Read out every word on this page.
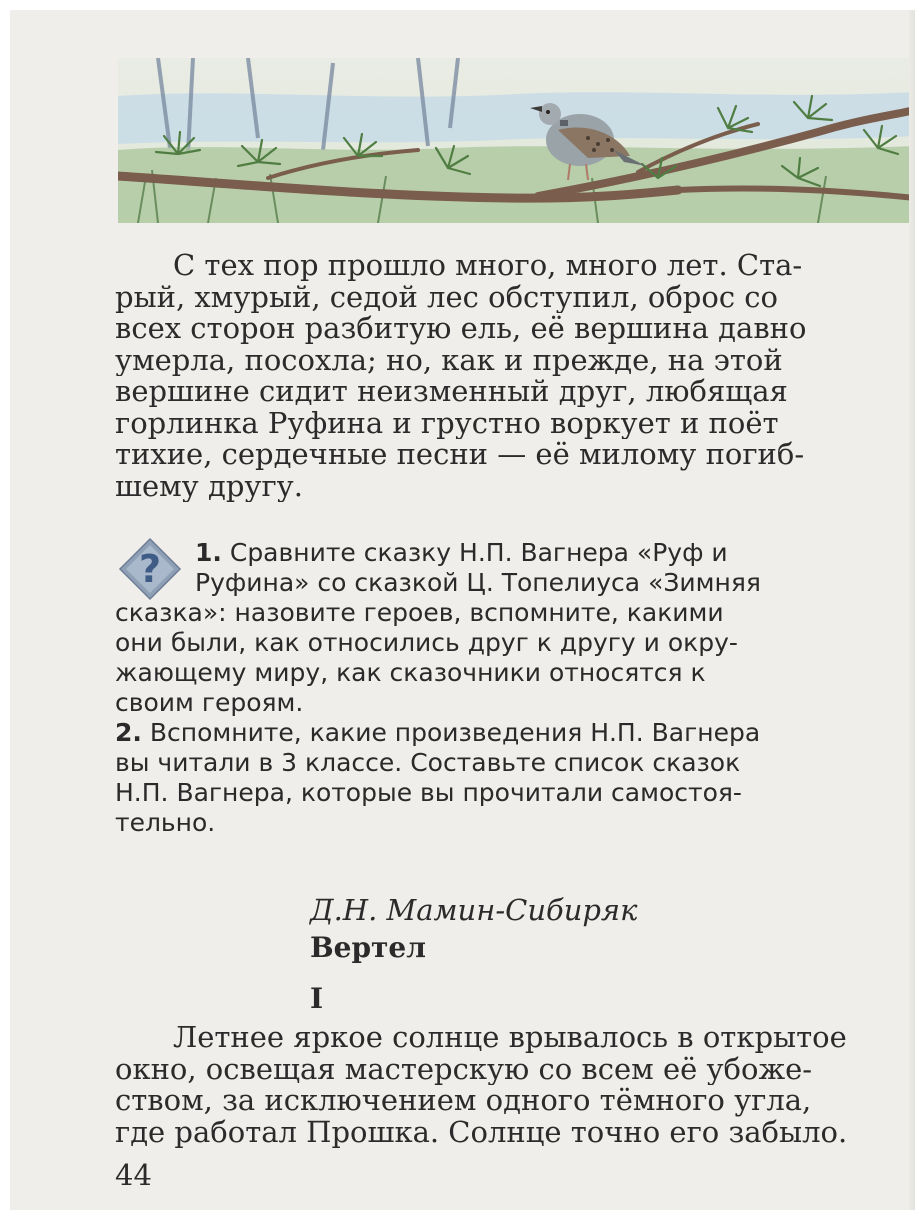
С тех пор прошло много, много лет. Ста-
рый, хмурый, седой лес обступил, оброс со
всех сторон разбитую ель, её вершина давно
умерла, посохла; но, как и прежде, на этой
вершине сидит неизменный друг, любящая
горлинка Руфина и грустно воркует и поёт
тихие, сердечные песни — её милому погиб-
шему другу.
?	1. Сравните сказку Н.П. Вагнера «Руф и
Руфина» со сказкой Ц. Топелиуса «Зимняя
сказка»: назовите героев, вспомните, какими
они были, как относились друг к другу и окру-
жающему миру, как сказочники относятся к
своим героям.
2. Вспомните, какие произведения Н.П. Вагнера
вы читали в 3 классе. Составьте список сказок
Н.П. Вагнера, которые вы прочитали самостоя-
тельно.

Д.Н. Мамин-Сибиряк

Вертел

I

Летнее яркое солнце врывалось в открытое
окно, освещая мастерскую со всем её убоже-
ством, за исключением одного тёмного угла,
где работал Прошка. Солнце точно его забыло.

44
